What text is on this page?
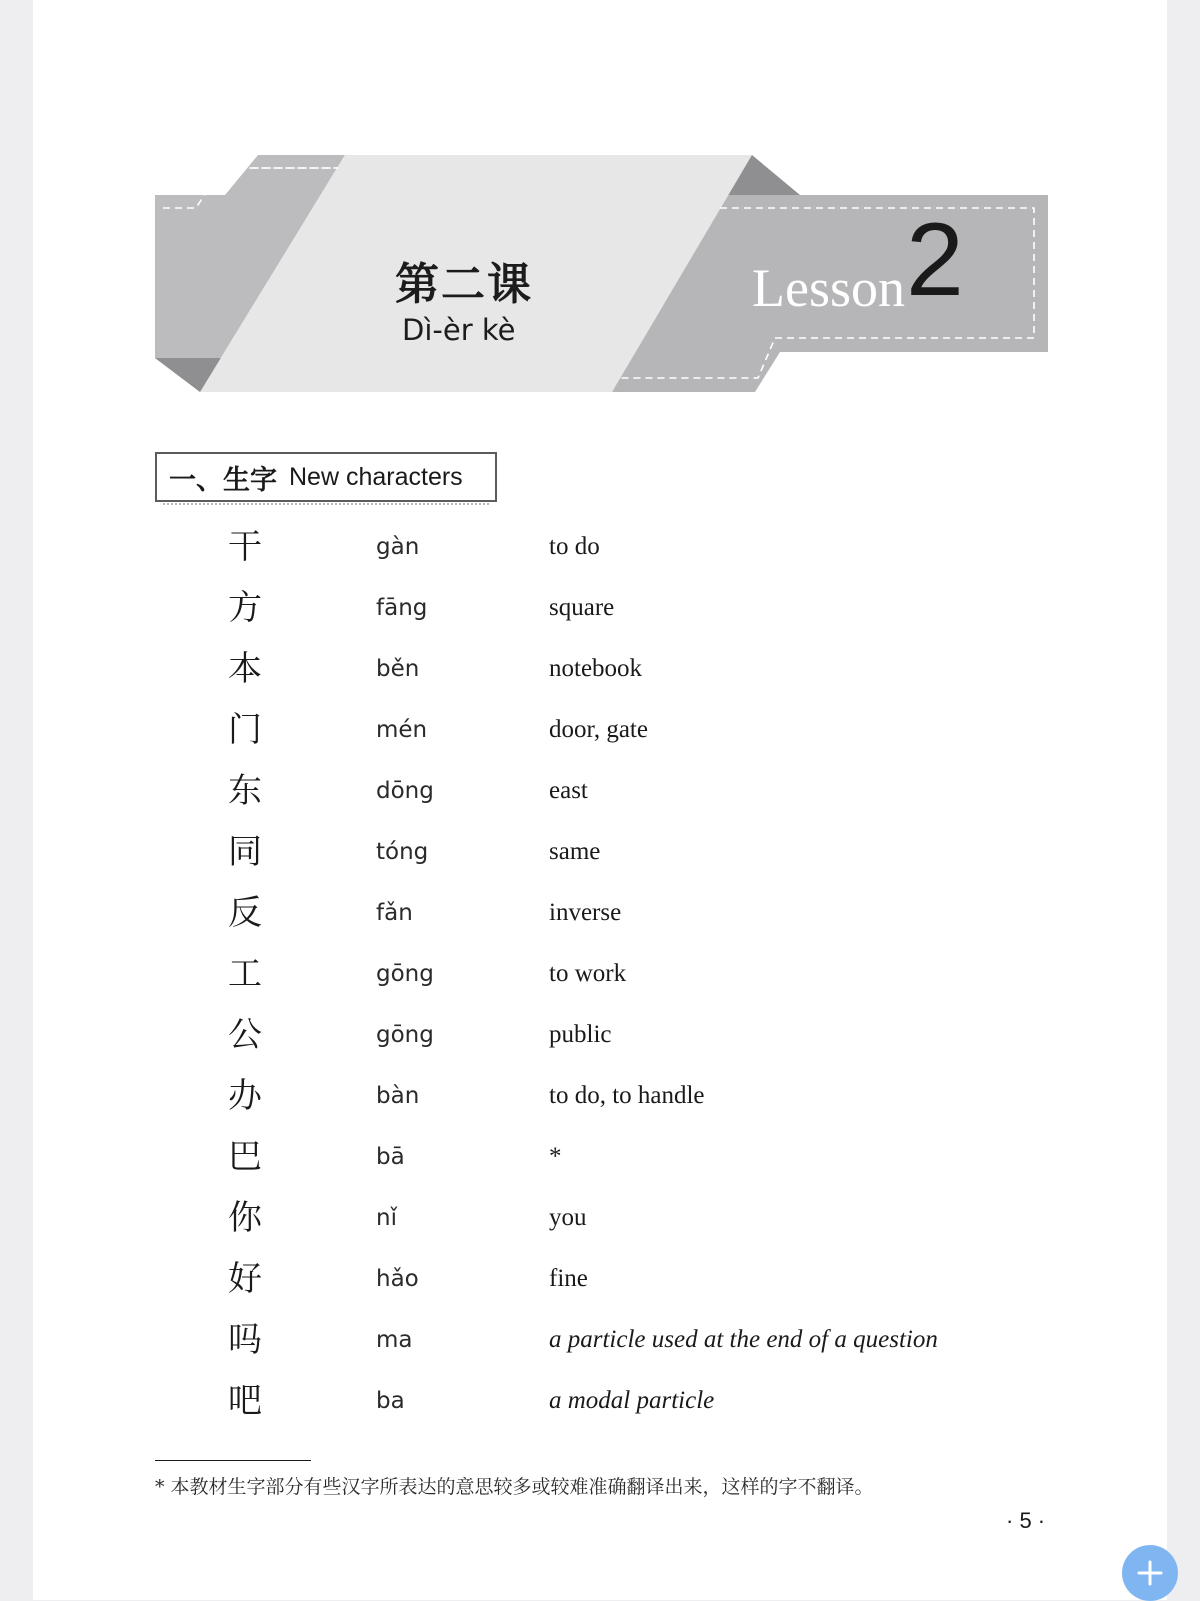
第二课
Dì-èr kè
Lesson 2
一、生字 New characters
干	gàn	to do
方	fāng	square
本	běn	notebook
门	mén	door, gate
东	dōng	east
同	tóng	same
反	fǎn	inverse
工	gōng	to work
公	gōng	public
办	bàn	to do, to handle
巴	bā	*
你	nǐ	you
好	hǎo	fine
吗	ma	a particle used at the end of a question
吧	ba	a modal particle
* 本教材生字部分有些汉字所表达的意思较多或较难准确翻译出来，这样的字不翻译。
· 5 ·
